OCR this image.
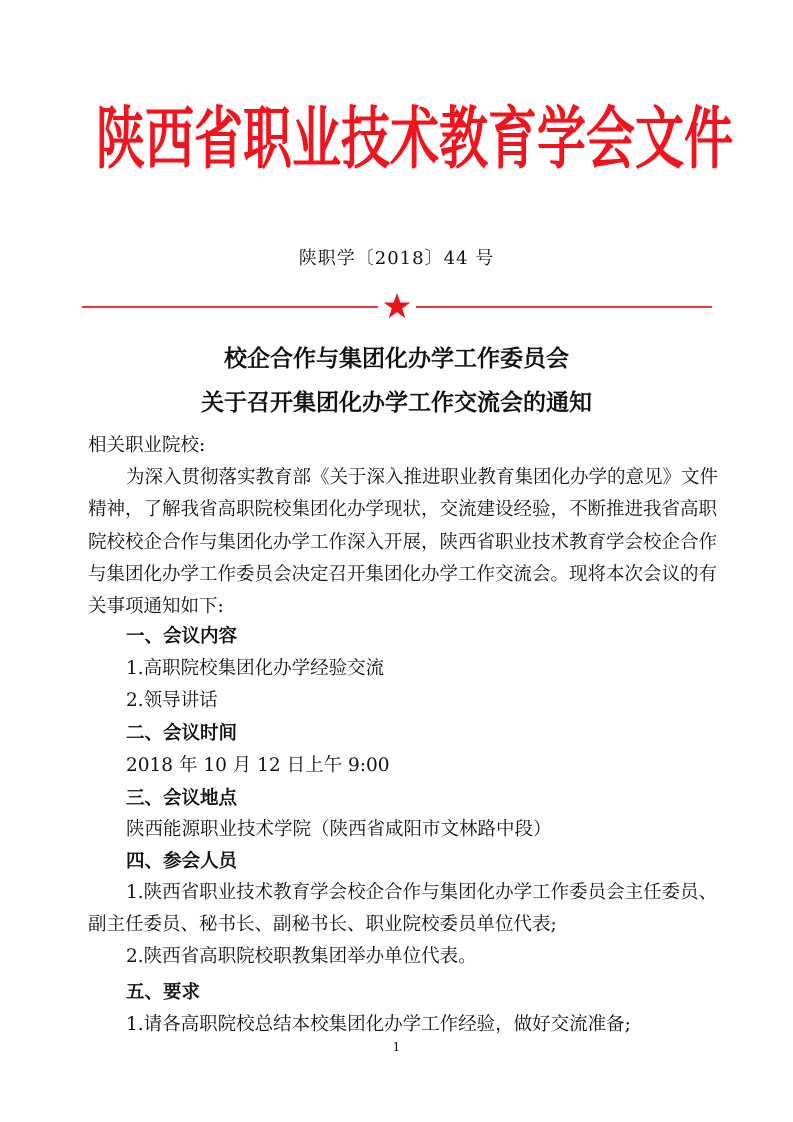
陕西省职业技术教育学会文件
陕职学〔2018〕44 号
校企合作与集团化办学工作委员会
关于召开集团化办学工作交流会的通知
相关职业院校:
为深入贯彻落实教育部《关于深入推进职业教育集团化办学的意见》文件
精神，了解我省高职院校集团化办学现状，交流建设经验，不断推进我省高职
院校校企合作与集团化办学工作深入开展，陕西省职业技术教育学会校企合作
与集团化办学工作委员会决定召开集团化办学工作交流会。现将本次会议的有
关事项通知如下:
一、会议内容
1.高职院校集团化办学经验交流
2.领导讲话
二、会议时间
2018 年 10 月 12 日上午 9:00
三、会议地点
陕西能源职业技术学院（陕西省咸阳市文林路中段）
四、参会人员
1.陕西省职业技术教育学会校企合作与集团化办学工作委员会主任委员、
副主任委员、秘书长、副秘书长、职业院校委员单位代表;
2.陕西省高职院校职教集团举办单位代表。
五、要求
1.请各高职院校总结本校集团化办学工作经验，做好交流准备;
1
